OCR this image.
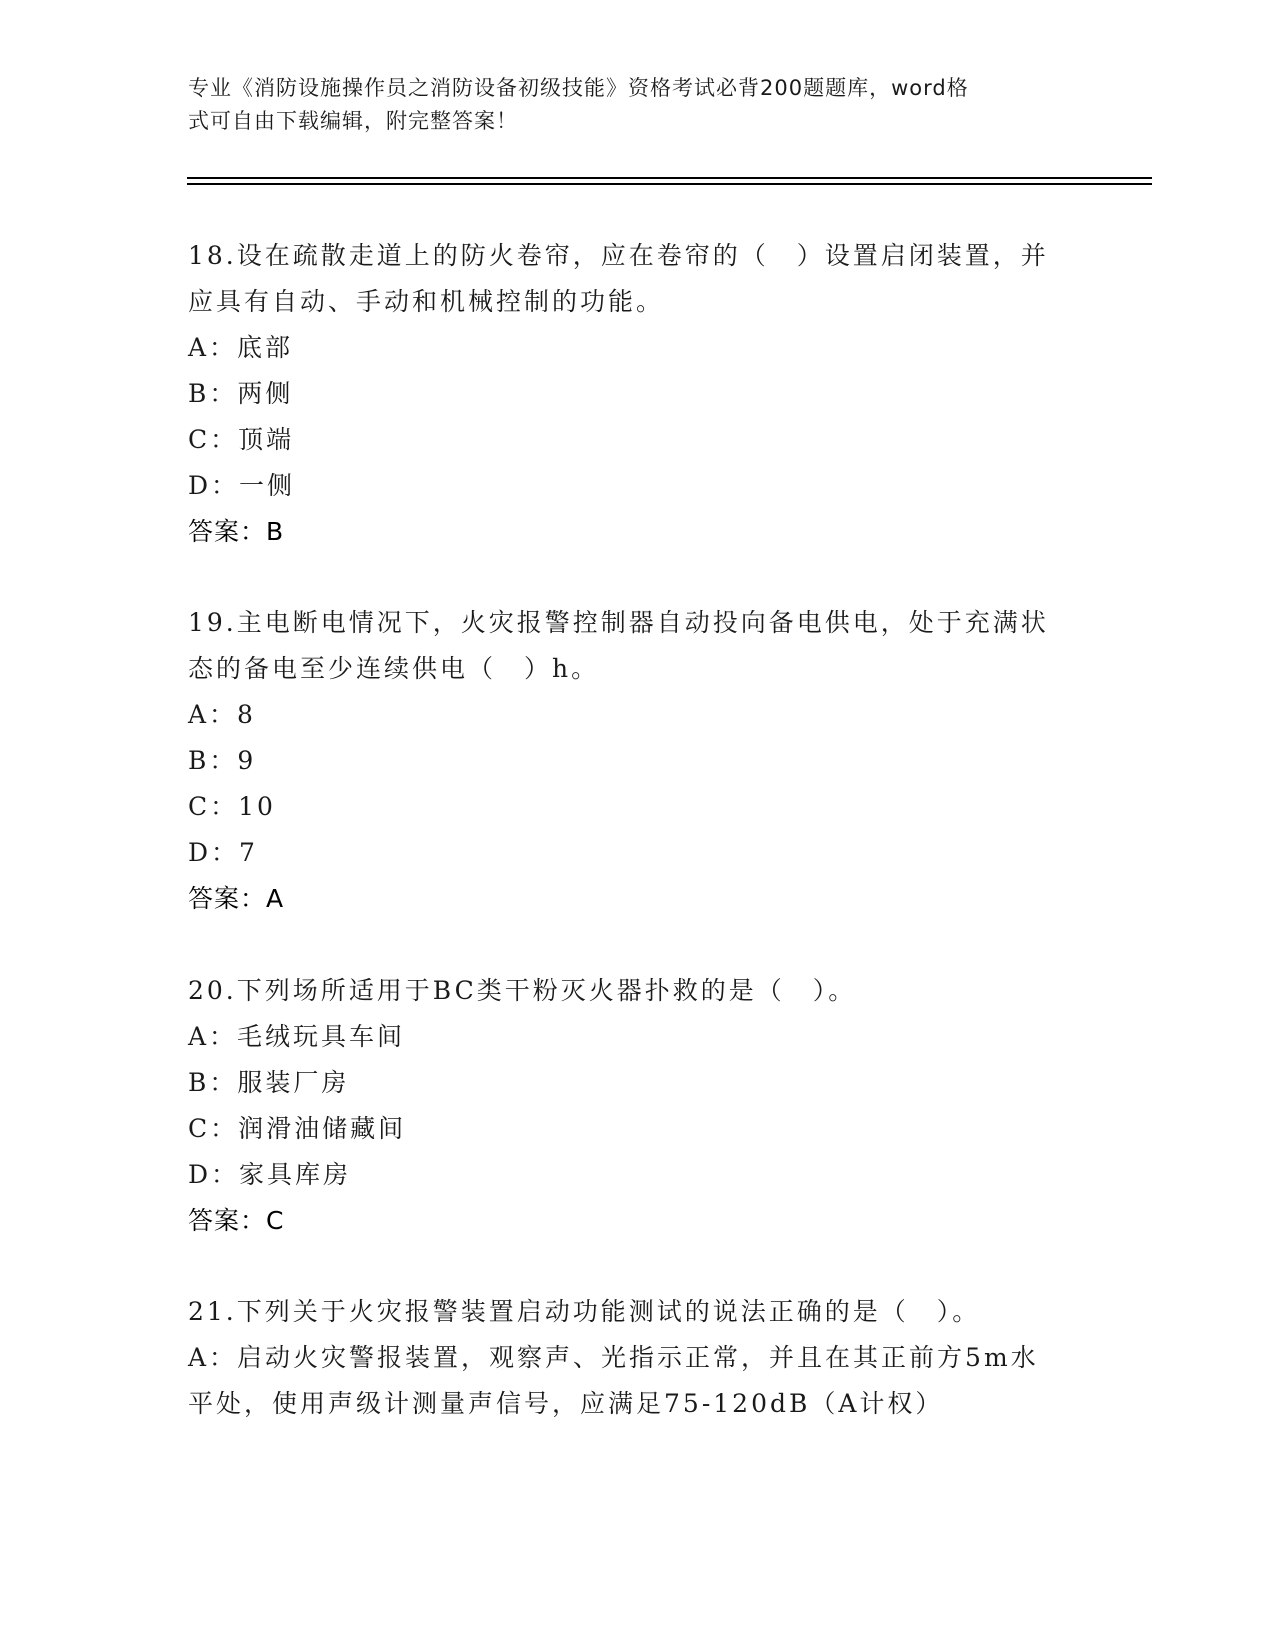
专业《消防设施操作员之消防设备初级技能》资格考试必背200题题库，word格
式可自由下载编辑，附完整答案！
18.设在疏散走道上的防火卷帘，应在卷帘的（　）设置启闭装置，并
应具有自动、手动和机械控制的功能。
A：底部
B：两侧
C：顶端
D：一侧
答案：B
19.主电断电情况下，火灾报警控制器自动投向备电供电，处于充满状
态的备电至少连续供电（　）h。
A：8
B：9
C：10
D：7
答案：A
20.下列场所适用于BC类干粉灭火器扑救的是（　）。
A：毛绒玩具车间
B：服装厂房
C：润滑油储藏间
D：家具库房
答案：C
21.下列关于火灾报警装置启动功能测试的说法正确的是（　）。
A：启动火灾警报装置，观察声、光指示正常，并且在其正前方5m水
平处，使用声级计测量声信号，应满足75-120dB（A计权）
